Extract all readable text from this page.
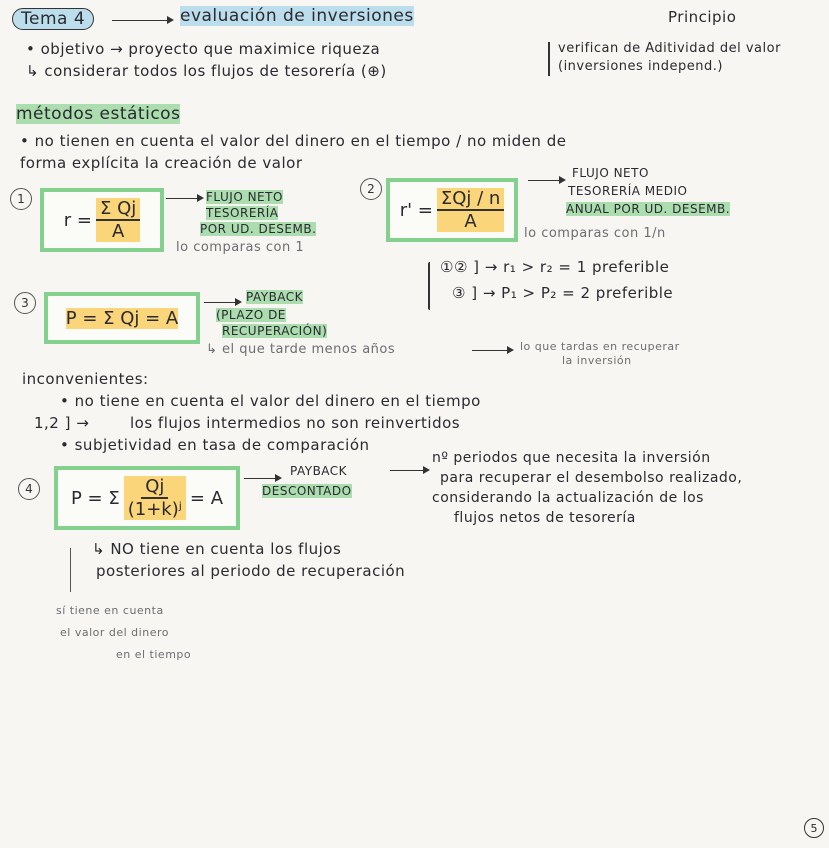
Tema 4	evaluación de inversiones	Principio
verifican de Aditividad del valor (inversiones independ.)
• objetivo → proyecto que maximice riqueza
↳ considerar todos los flujos de tesorería (⊕)
métodos estáticos
• no tienen en cuenta el valor del dinero en el tiempo / no miden de
forma explícita la creación de valor
1
$r = \frac{\text{Σ Qj}}{A}$
FLUJO NETO
TESORERÍA
POR UD. DESEMB.
lo comparas con 1
2
$r' = \frac{\text{ΣQj / n}}{A}$
FLUJO NETO
TESORERÍA MEDIO
ANUAL POR UD. DESEMB.
lo comparas con 1/n
①② ] → r₁ > r₂ = 1 preferible
③ ] → P₁ > P₂ = 2 preferible
3
P = Σ Qj = A
PAYBACK
(PLAZO DE
RECUPERACIÓN)
↳ el que tarde menos años	lo que tardas en recuperar
la inversión
inconvenientes:
• no tiene en cuenta el valor del dinero en el tiempo
1,2 ] →	los flujos intermedios no son reinvertidos
• subjetividad en tasa de comparación
4 P = Σ $\frac{Qj}{\text{(1+k)ʲ}} = A$
PAYBACK
DESCONTADO
nº periodos que necesita la inversión
para recuperar el desembolso realizado,
considerando la actualización de los
flujos netos de tesorería
↳ NO tiene en cuenta los flujos
posteriores al periodo de recuperación
sí tiene en cuenta
el valor del dinero
en el tiempo
5
